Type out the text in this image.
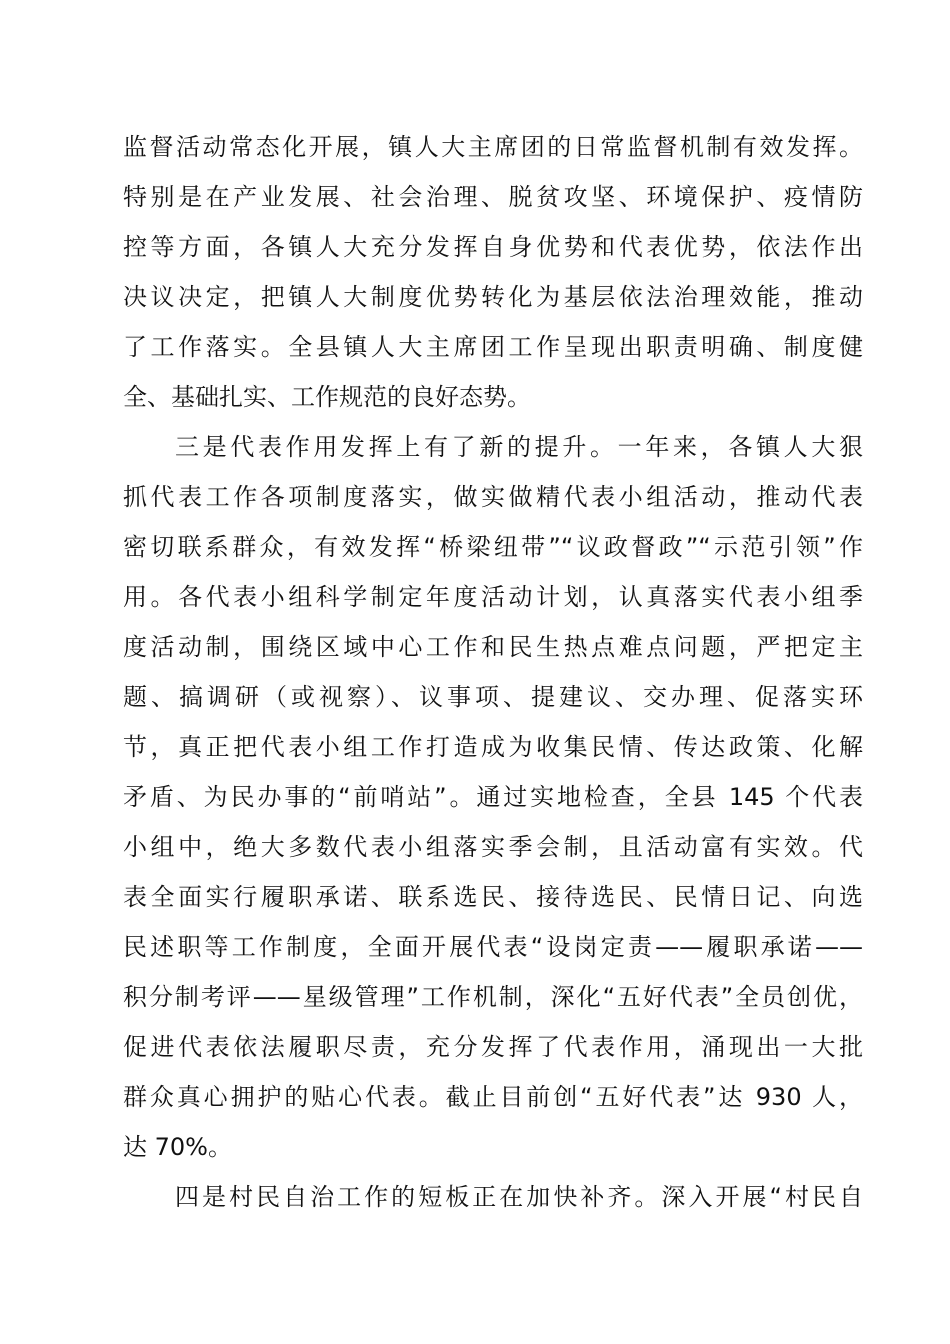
监督活动常态化开展，镇人大主席团的日常监督机制有效发挥。
特别是在产业发展、社会治理、脱贫攻坚、环境保护、疫情防
控等方面，各镇人大充分发挥自身优势和代表优势，依法作出
决议决定，把镇人大制度优势转化为基层依法治理效能，推动
了工作落实。全县镇人大主席团工作呈现出职责明确、制度健
全、基础扎实、工作规范的良好态势。
三是代表作用发挥上有了新的提升。一年来，各镇人大狠
抓代表工作各项制度落实，做实做精代表小组活动，推动代表
密切联系群众，有效发挥“桥梁纽带”“议政督政”“示范引领”作
用。各代表小组科学制定年度活动计划，认真落实代表小组季
度活动制，围绕区域中心工作和民生热点难点问题，严把定主
题、搞调研（或视察）、议事项、提建议、交办理、促落实环
节，真正把代表小组工作打造成为收集民情、传达政策、化解
矛盾、为民办事的“前哨站”。通过实地检查，全县 145 个代表
小组中，绝大多数代表小组落实季会制，且活动富有实效。代
表全面实行履职承诺、联系选民、接待选民、民情日记、向选
民述职等工作制度，全面开展代表“设岗定责——履职承诺——
积分制考评——星级管理”工作机制，深化“五好代表”全员创优，
促进代表依法履职尽责，充分发挥了代表作用，涌现出一大批
群众真心拥护的贴心代表。截止目前创“五好代表”达 930 人，
达 70%。
四是村民自治工作的短板正在加快补齐。深入开展“村民自
